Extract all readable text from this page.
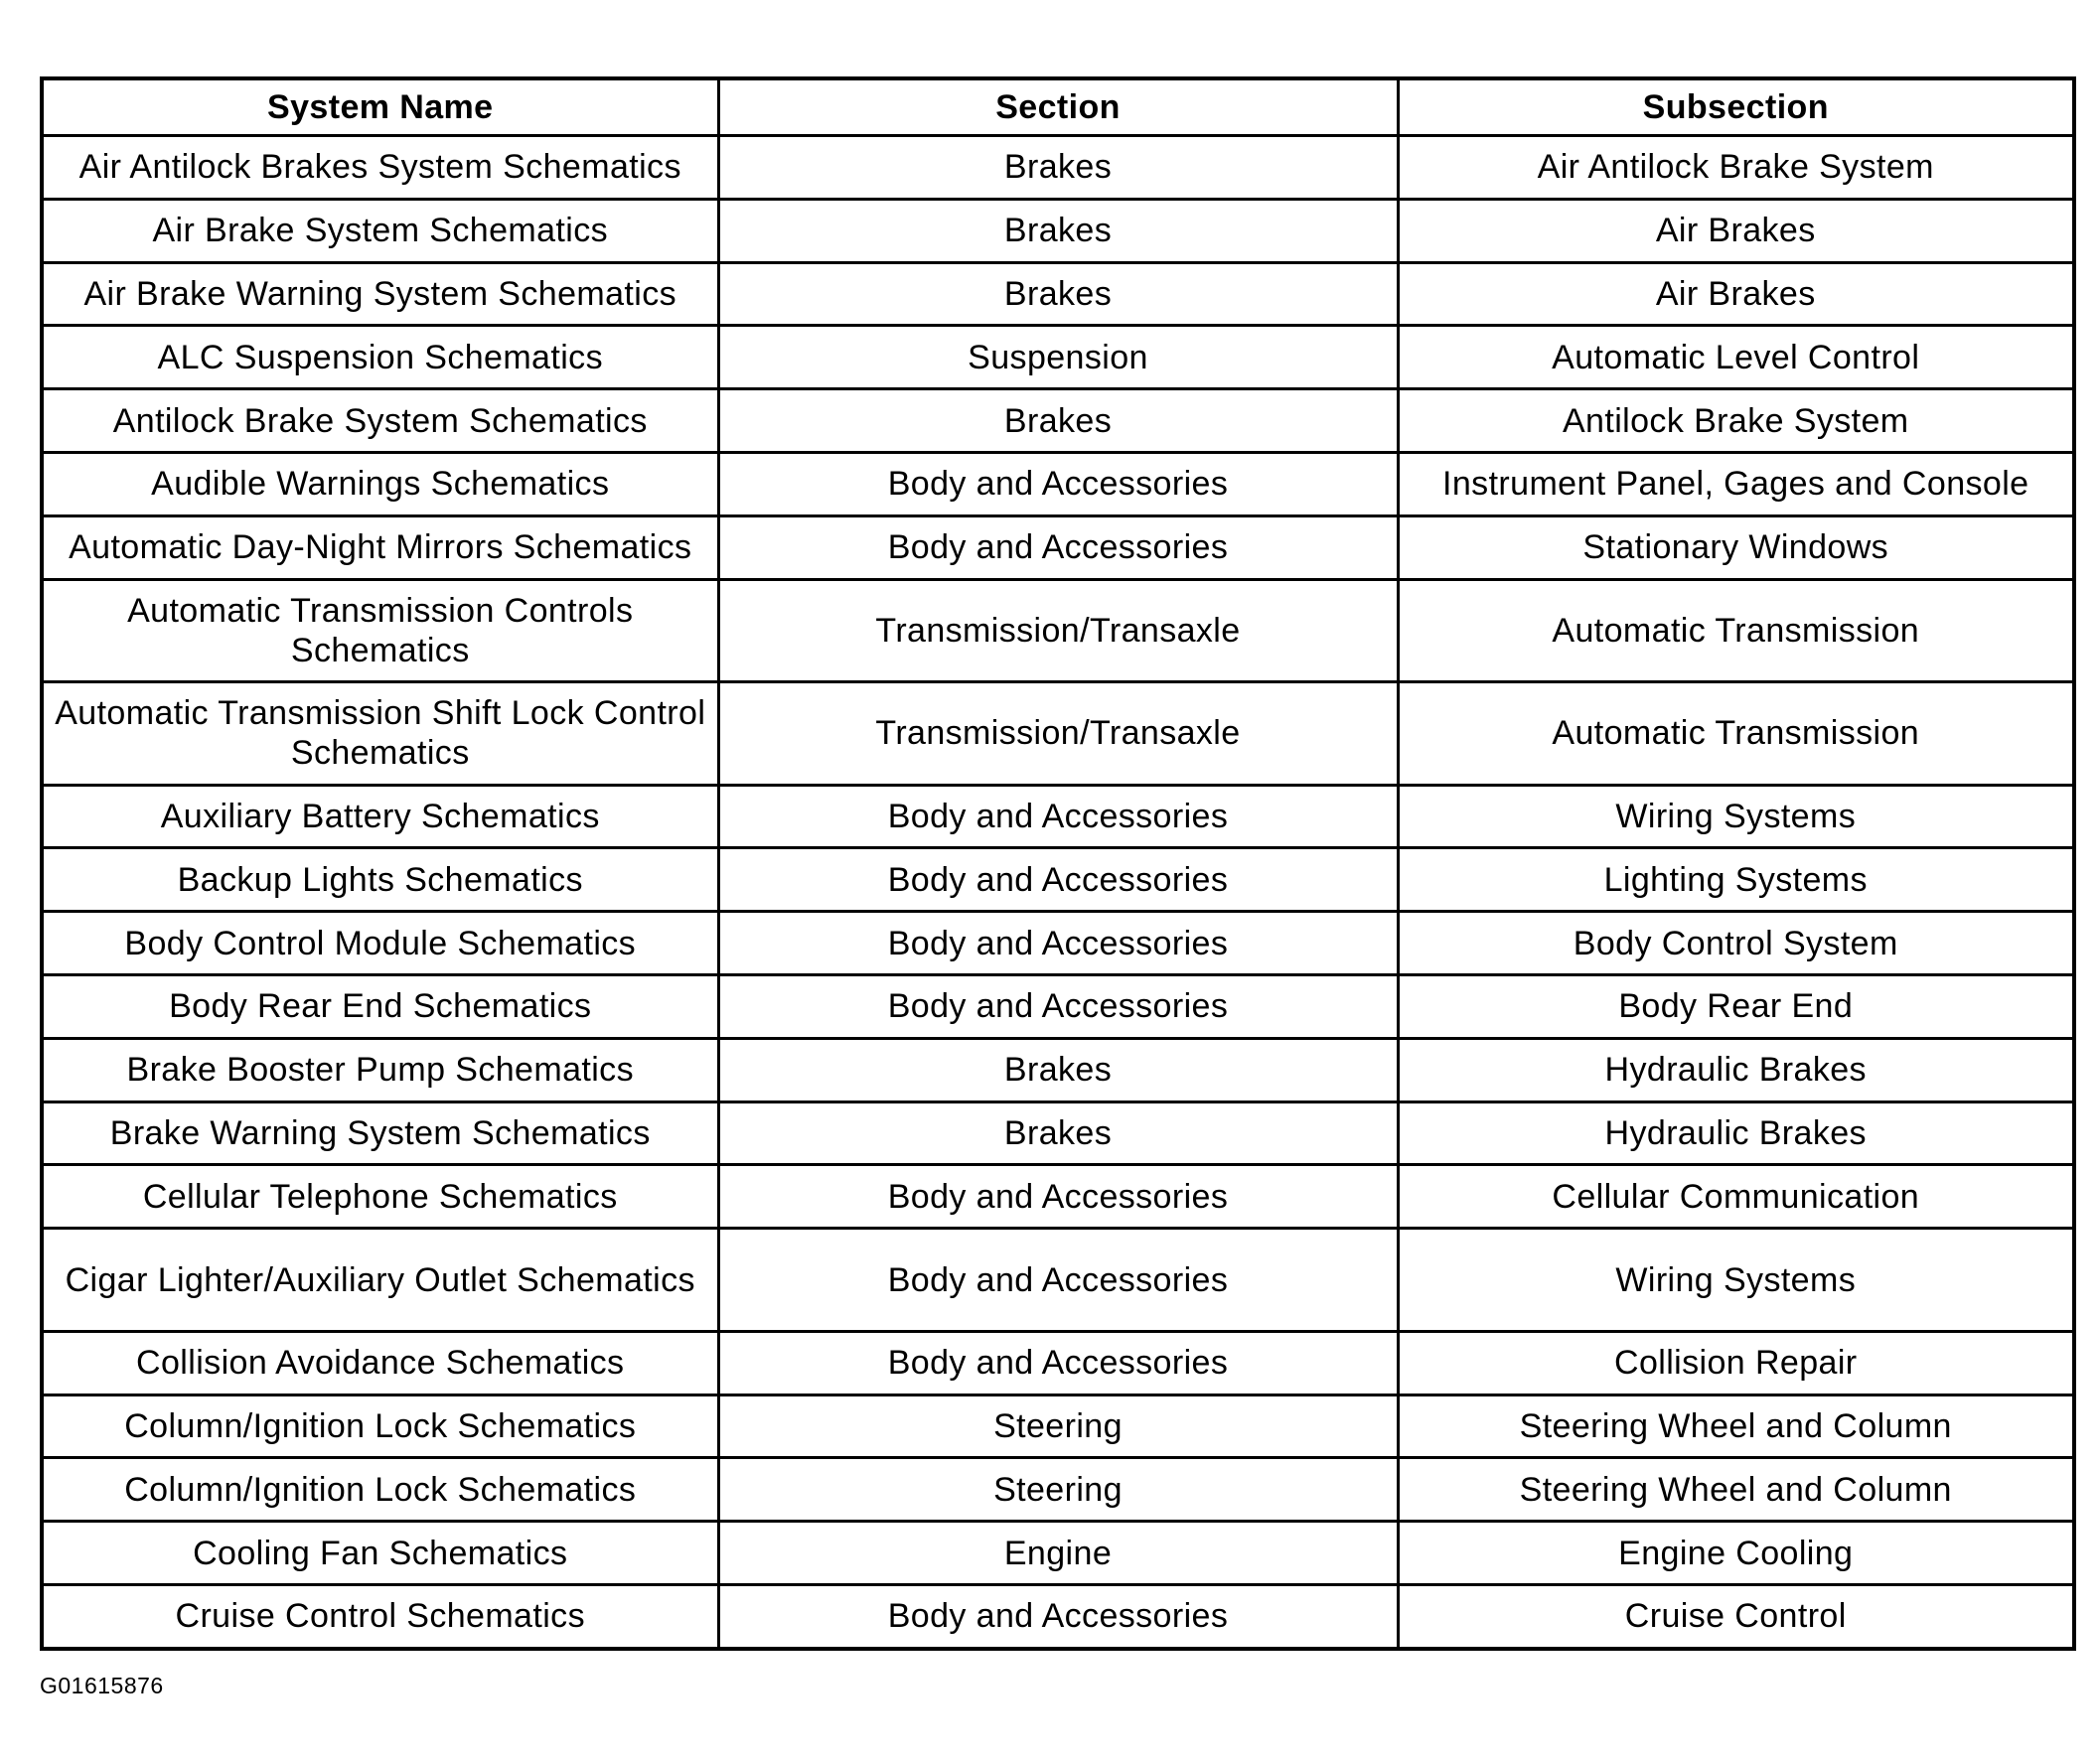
System Name	Section	Subsection
Air Antilock Brakes System Schematics	Brakes	Air Antilock Brake System
Air Brake System Schematics	Brakes	Air Brakes
Air Brake Warning System Schematics	Brakes	Air Brakes
ALC Suspension Schematics	Suspension	Automatic Level Control
Antilock Brake System Schematics	Brakes	Antilock Brake System
Audible Warnings Schematics	Body and Accessories	Instrument Panel, Gages and Console
Automatic Day-Night Mirrors Schematics	Body and Accessories	Stationary Windows
Automatic Transmission Controls Schematics	Transmission/Transaxle	Automatic Transmission
Automatic Transmission Shift Lock Control Schematics	Transmission/Transaxle	Automatic Transmission
Auxiliary Battery Schematics	Body and Accessories	Wiring Systems
Backup Lights Schematics	Body and Accessories	Lighting Systems
Body Control Module Schematics	Body and Accessories	Body Control System
Body Rear End Schematics	Body and Accessories	Body Rear End
Brake Booster Pump Schematics	Brakes	Hydraulic Brakes
Brake Warning System Schematics	Brakes	Hydraulic Brakes
Cellular Telephone Schematics	Body and Accessories	Cellular Communication
Cigar Lighter/Auxiliary Outlet Schematics	Body and Accessories	Wiring Systems
Collision Avoidance Schematics	Body and Accessories	Collision Repair
Column/Ignition Lock Schematics	Steering	Steering Wheel and Column
Column/Ignition Lock Schematics	Steering	Steering Wheel and Column
Cooling Fan Schematics	Engine	Engine Cooling
Cruise Control Schematics	Body and Accessories	Cruise Control
G01615876
